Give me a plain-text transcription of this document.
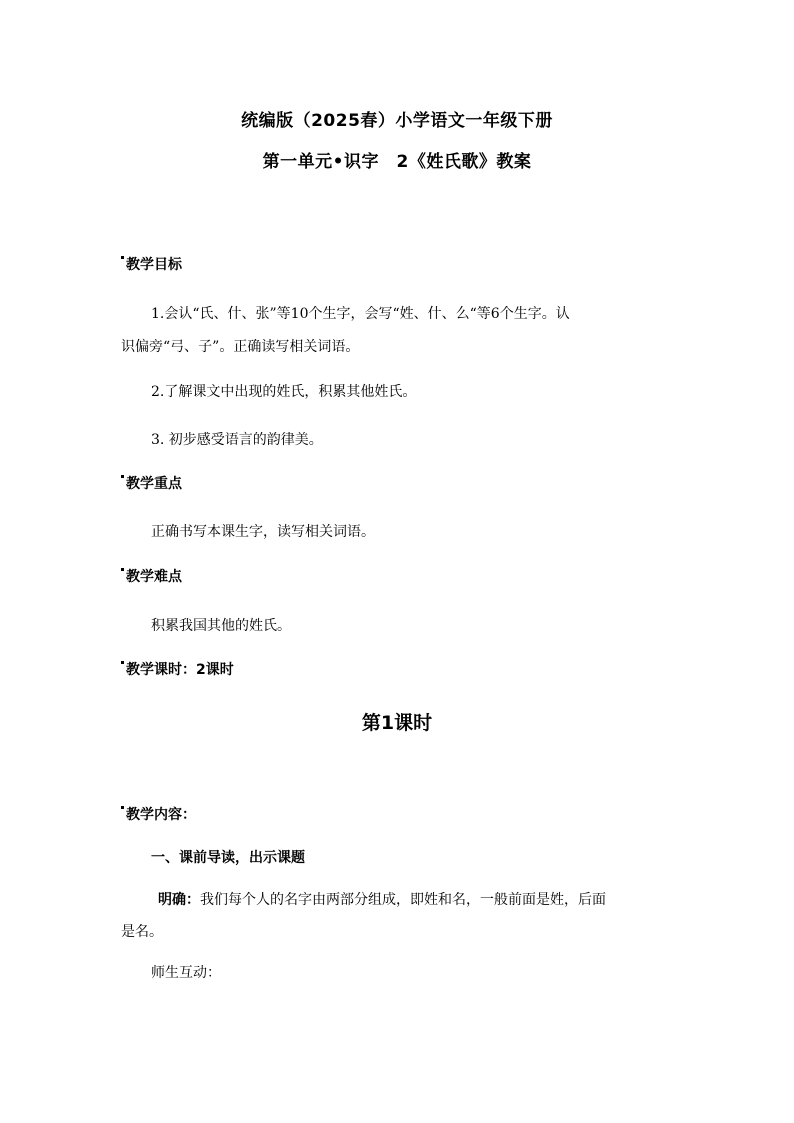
统编版（2025春）小学语文一年级下册
第一单元•识字　2《姓氏歌》教案
教学目标
1.会认“氏、什、张”等10个生字，会写“姓、什、么“等6个生字。认
识偏旁“弓、子”。正确读写相关词语。
2.了解课文中出现的姓氏，积累其他姓氏。
3. 初步感受语言的韵律美。
教学重点
正确书写本课生字，读写相关词语。
教学难点
积累我国其他的姓氏。
教学课时：2课时
第1课时
教学内容：
一、课前导读，出示课题
明确：我们每个人的名字由两部分组成，即姓和名，一般前面是姓，后面
是名。
师生互动：
